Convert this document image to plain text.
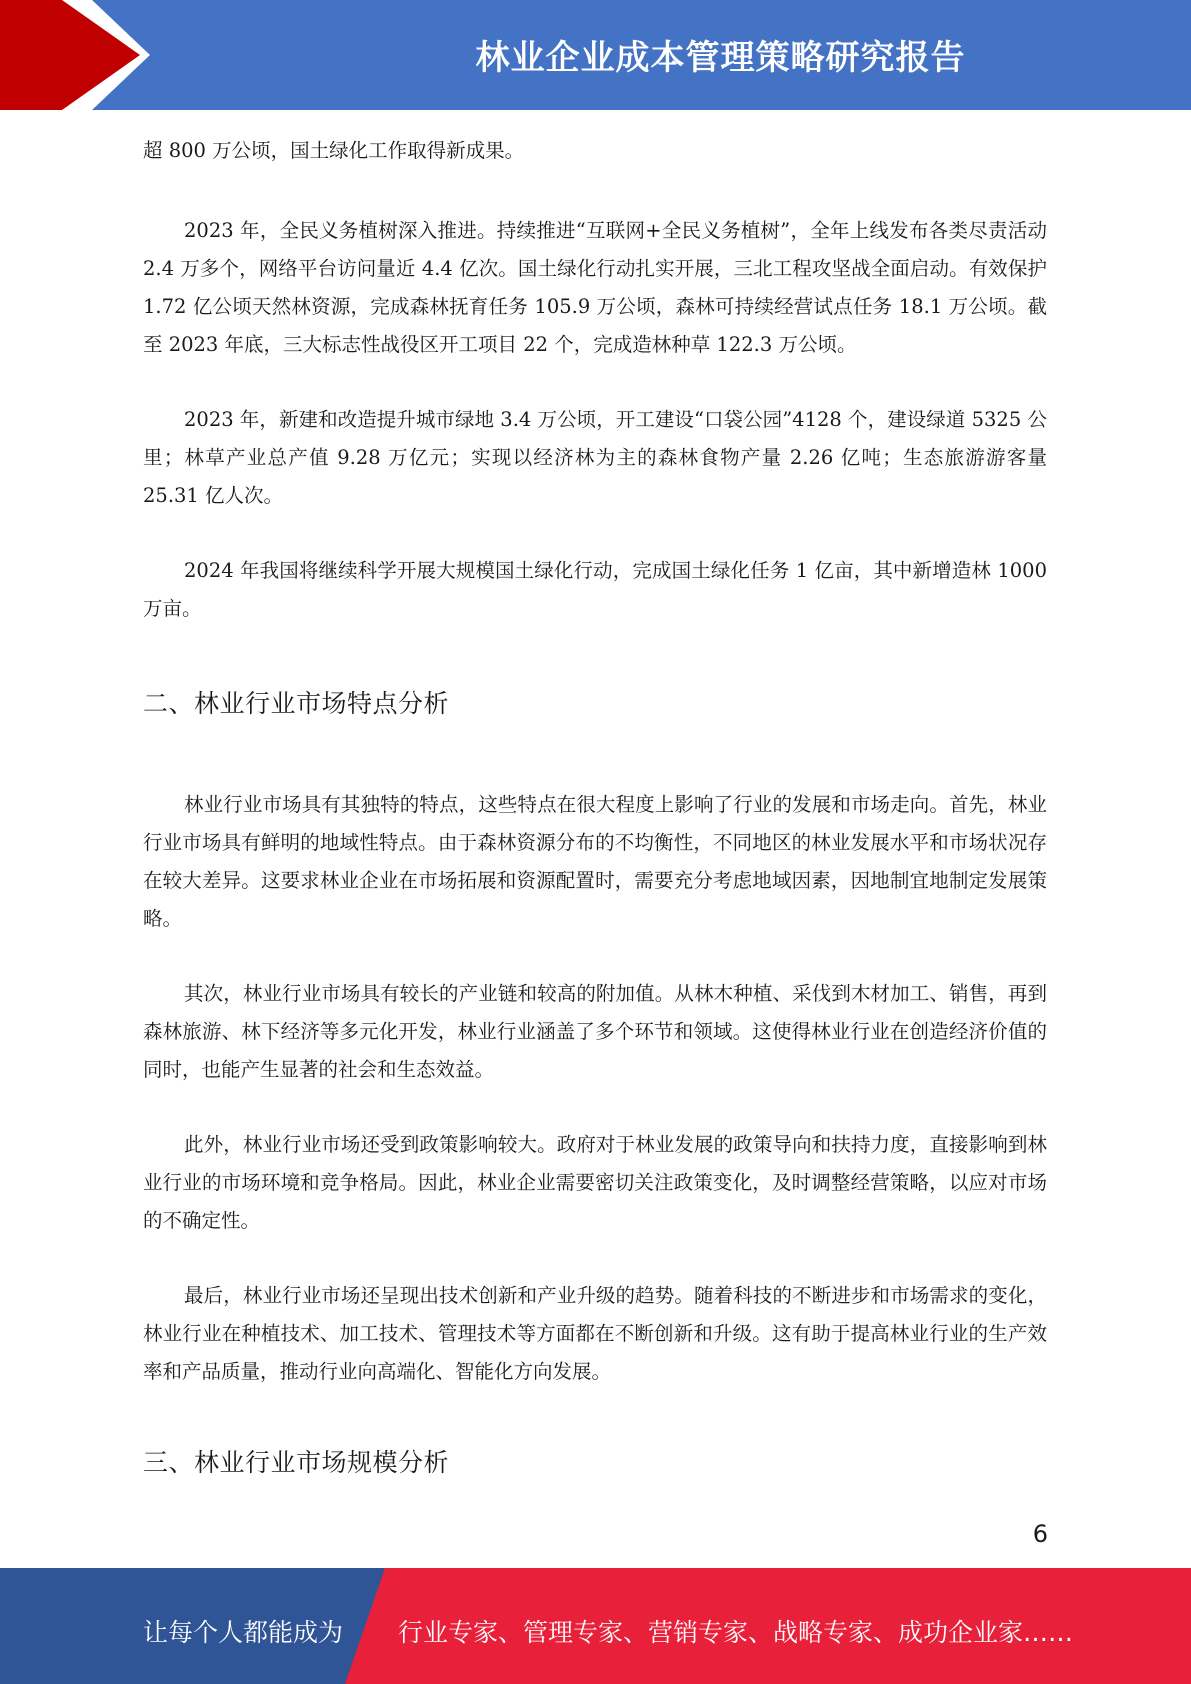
林业企业成本管理策略研究报告

超 800 万公顷，国土绿化工作取得新成果。

2023 年，全民义务植树深入推进。持续推进“互联网+全民义务植树”，全年上线发布各类尽责活动 2.4 万多个，网络平台访问量近 4.4 亿次。国土绿化行动扎实开展，三北工程攻坚战全面启动。有效保护 1.72 亿公顷天然林资源，完成森林抚育任务 105.9 万公顷，森林可持续经营试点任务 18.1 万公顷。截至 2023 年底，三大标志性战役区开工项目 22 个，完成造林种草 122.3 万公顷。

2023 年，新建和改造提升城市绿地 3.4 万公顷，开工建设“口袋公园”4128 个，建设绿道 5325 公里；林草产业总产值 9.28 万亿元；实现以经济林为主的森林食物产量 2.26 亿吨；生态旅游游客量 25.31 亿人次。

2024 年我国将继续科学开展大规模国土绿化行动，完成国土绿化任务 1 亿亩，其中新增造林 1000 万亩。

二、林业行业市场特点分析

林业行业市场具有其独特的特点，这些特点在很大程度上影响了行业的发展和市场走向。首先，林业行业市场具有鲜明的地域性特点。由于森林资源分布的不均衡性，不同地区的林业发展水平和市场状况存在较大差异。这要求林业企业在市场拓展和资源配置时，需要充分考虑地域因素，因地制宜地制定发展策略。

其次，林业行业市场具有较长的产业链和较高的附加值。从林木种植、采伐到木材加工、销售，再到森林旅游、林下经济等多元化开发，林业行业涵盖了多个环节和领域。这使得林业行业在创造经济价值的同时，也能产生显著的社会和生态效益。

此外，林业行业市场还受到政策影响较大。政府对于林业发展的政策导向和扶持力度，直接影响到林业行业的市场环境和竞争格局。因此，林业企业需要密切关注政策变化，及时调整经营策略，以应对市场的不确定性。

最后，林业行业市场还呈现出技术创新和产业升级的趋势。随着科技的不断进步和市场需求的变化，林业行业在种植技术、加工技术、管理技术等方面都在不断创新和升级。这有助于提高林业行业的生产效率和产品质量，推动行业向高端化、智能化方向发展。

三、林业行业市场规模分析
6
让每个人都能成为 行业专家、管理专家、营销专家、战略专家、成功企业家……
